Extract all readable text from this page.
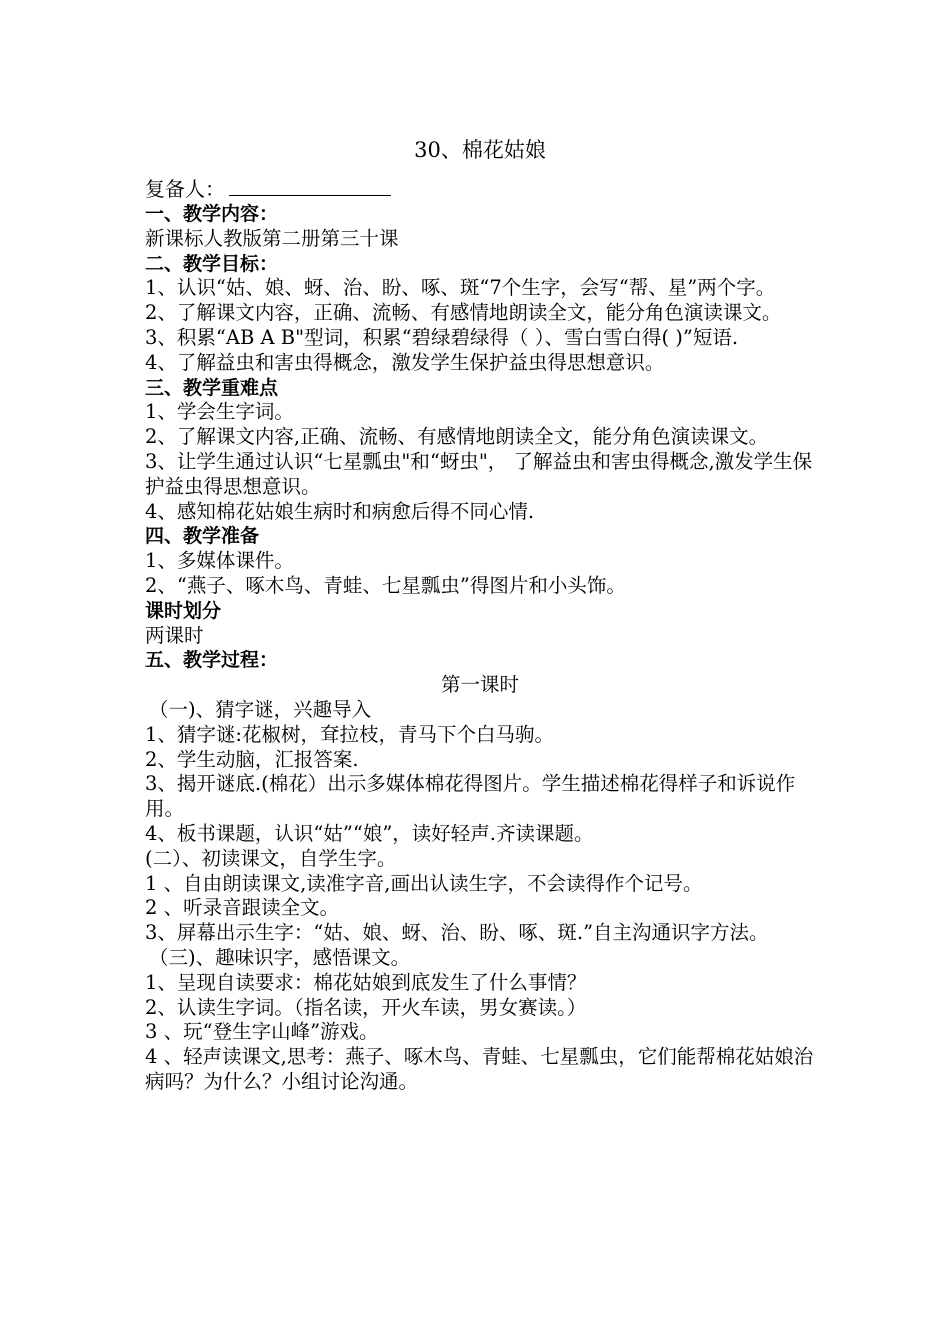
30、棉花姑娘
复备人：
一、教学内容：
新课标人教版第二册第三十课
二、教学目标：
1、认识“姑、娘、蚜、治、盼、啄、斑“7个生字，会写“帮、星”两个字。
2、了解课文内容，正确、流畅、有感情地朗读全文，能分角色演读课文。
3、积累“AB A B"型词，积累“碧绿碧绿得（ ）、雪白雪白得( )”短语.
4、了解益虫和害虫得概念，激发学生保护益虫得思想意识。
三、教学重难点
1、学会生字词。
2、了解课文内容,正确、流畅、有感情地朗读全文，能分角色演读课文。
3、让学生通过认识“七星瓢虫"和“蚜虫"， 了解益虫和害虫得概念,激发学生保护益虫得思想意识。
4、感知棉花姑娘生病时和病愈后得不同心情.
四、教学准备
1、多媒体课件。
2、“燕子、啄木鸟、青蛙、七星瓢虫”得图片和小头饰。
课时划分
两课时
五、教学过程：
第一课时
（一)、猜字谜，兴趣导入
1、猜字谜:花椒树，耷拉枝，青马下个白马驹。
2、学生动脑，汇报答案.
3、揭开谜底.(棉花）出示多媒体棉花得图片。学生描述棉花得样子和诉说作用。
4、板书课题，认识“姑”“娘”，读好轻声.齐读课题。
(二）、初读课文，自学生字。
1 、自由朗读课文,读准字音,画出认读生字，不会读得作个记号。
2 、听录音跟读全文。
3、屏幕出示生字：“姑、娘、蚜、治、盼、啄、斑.”自主沟通识字方法。
（三)、趣味识字，感悟课文。
1、呈现自读要求：棉花姑娘到底发生了什么事情？
2、认读生字词。（指名读，开火车读，男女赛读。）
3 、玩“登生字山峰”游戏。
4 、轻声读课文,思考：燕子、啄木鸟、青蛙、七星瓢虫，它们能帮棉花姑娘治病吗？为什么？小组讨论沟通。
